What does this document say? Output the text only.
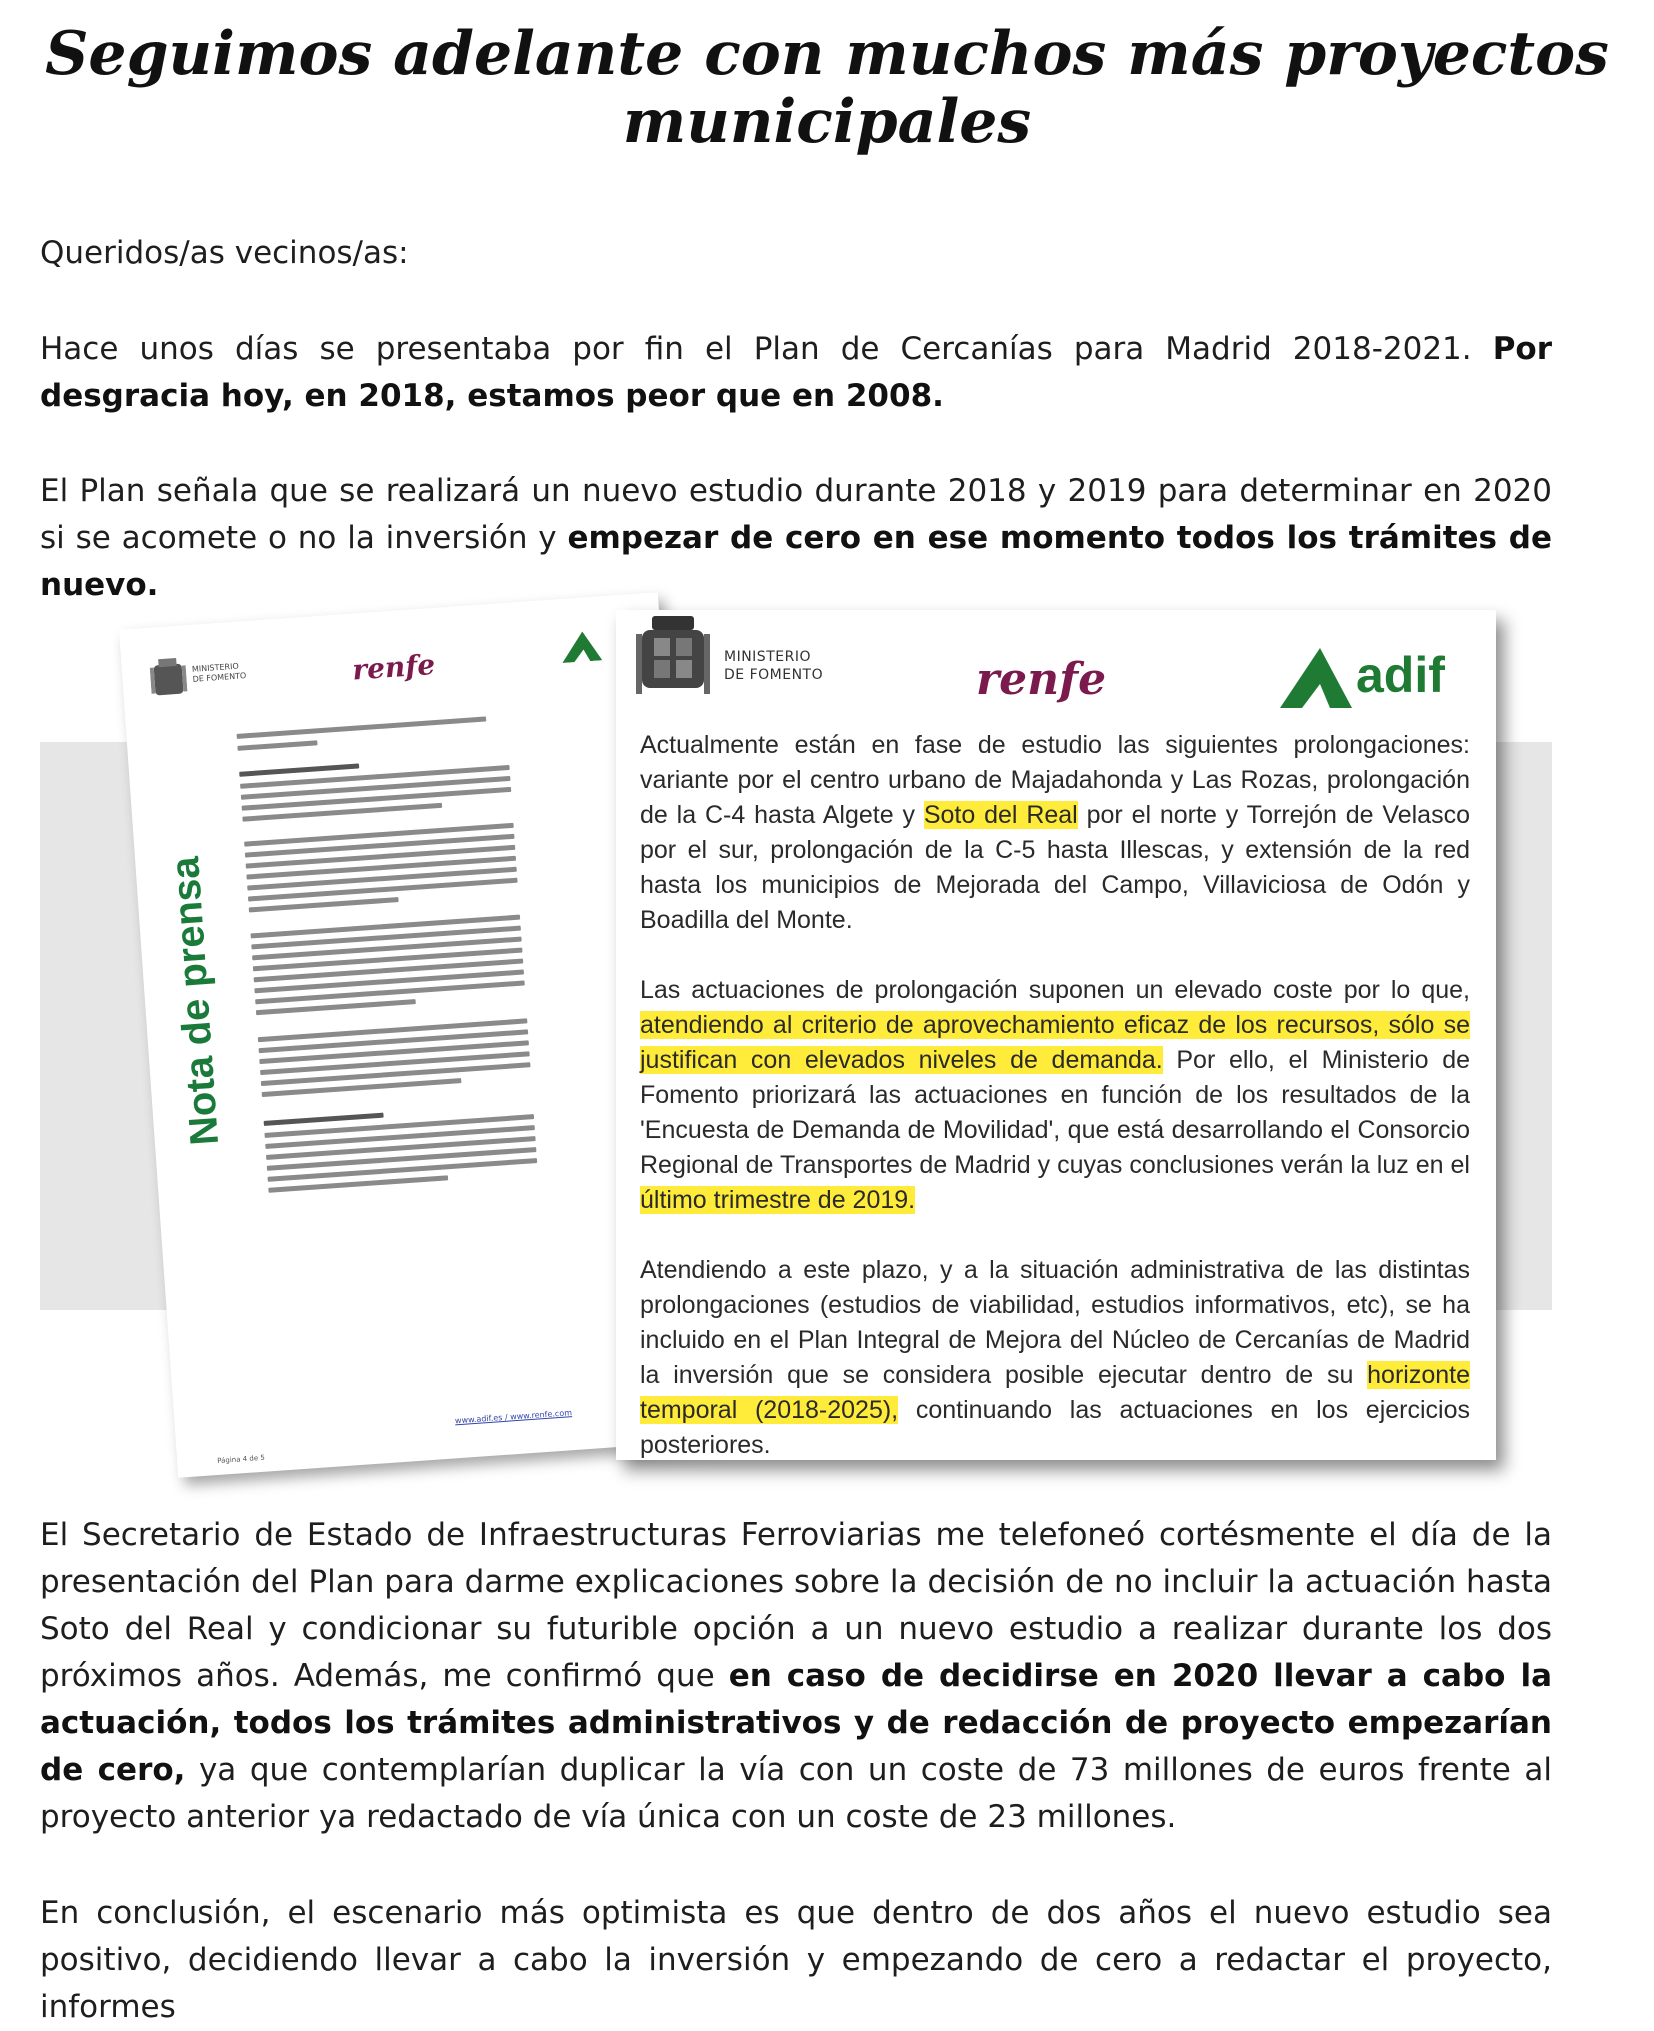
Seguimos adelante con muchos más proyectos municipales

Queridos/as vecinos/as:

Hace unos días se presentaba por fin el Plan de Cercanías para Madrid 2018-2021. Por desgracia hoy, en 2018, estamos peor que en 2008.

El Plan señala que se realizará un nuevo estudio durante 2018 y 2019 para determinar en 2020 si se acomete o no la inversión y empezar de cero en ese momento todos los trámites de nuevo.

MINISTERIO
DE FOMENTO	renfe
Nota de prensa
www.adif.es / www.renfe.com
Página 4 de 5
MINISTERIO
DE FOMENTO	renfe	adif

Actualmente están en fase de estudio las siguientes prolongaciones: variante por el centro urbano de Majadahonda y Las Rozas, prolongación de la C-4 hasta Algete y Soto del Real por el norte y Torrejón de Velasco por el sur, prolongación de la C-5 hasta Illescas, y extensión de la red hasta los municipios de Mejorada del Campo, Villaviciosa de Odón y Boadilla del Monte.

Las actuaciones de prolongación suponen un elevado coste por lo que, atendiendo al criterio de aprovechamiento eficaz de los recursos, sólo se justifican con elevados niveles de demanda. Por ello, el Ministerio de Fomento priorizará las actuaciones en función de los resultados de la 'Encuesta de Demanda de Movilidad', que está desarrollando el Consorcio Regional de Transportes de Madrid y cuyas conclusiones verán la luz en el último trimestre de 2019.

Atendiendo a este plazo, y a la situación administrativa de las distintas prolongaciones (estudios de viabilidad, estudios informativos, etc), se ha incluido en el Plan Integral de Mejora del Núcleo de Cercanías de Madrid la inversión que se considera posible ejecutar dentro de su horizonte temporal (2018-2025), continuando las actuaciones en los ejercicios posteriores.

El Secretario de Estado de Infraestructuras Ferroviarias me telefoneó cortésmente el día de la presentación del Plan para darme explicaciones sobre la decisión de no incluir la actuación hasta Soto del Real y condicionar su futurible opción a un nuevo estudio a realizar durante los dos próximos años. Además, me confirmó que en caso de decidirse en 2020 llevar a cabo la actuación, todos los trámites administrativos y de redacción de proyecto empezarían de cero, ya que contemplarían duplicar la vía con un coste de 73 millones de euros frente al proyecto anterior ya redactado de vía única con un coste de 23 millones.

En conclusión, el escenario más optimista es que dentro de dos años el nuevo estudio sea positivo, decidiendo llevar a cabo la inversión y empezando de cero a redactar el proyecto, informes
